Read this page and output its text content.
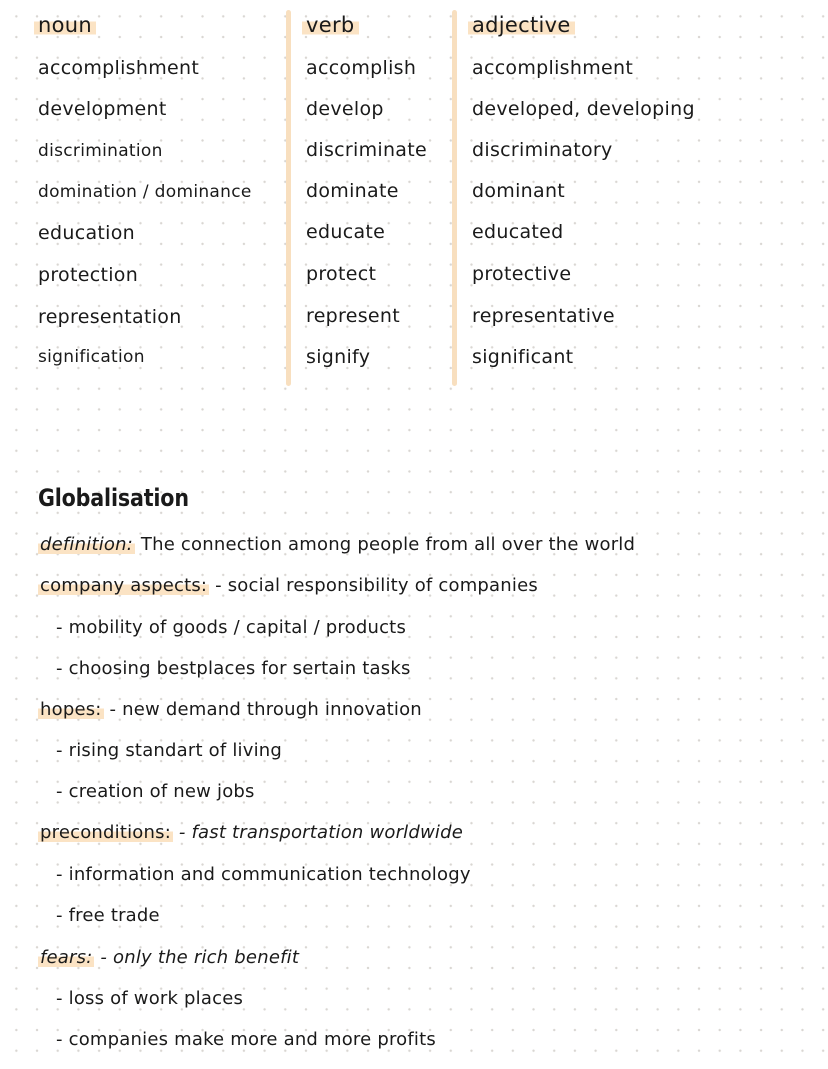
noun
accomplishment
development
discrimination
domination / dominance
education
protection
representation
signification
verb
accomplish
develop
discriminate
dominate
educate
protect
represent
signify
adjective
accomplishment
developed, developing
discriminatory
dominant
educated
protective
representative
significant
Globalisation
definition: The connection among people from all over the world
company aspects: - social responsibility of companies
- mobility of goods / capital / products
- choosing bestplaces for sertain tasks
hopes: - new demand through innovation
- rising standart of living
- creation of new jobs
preconditions: - fast transportation worldwide
- information and communication technology
- free trade
fears: - only the rich benefit
- loss of work places
- companies make more and more profits
